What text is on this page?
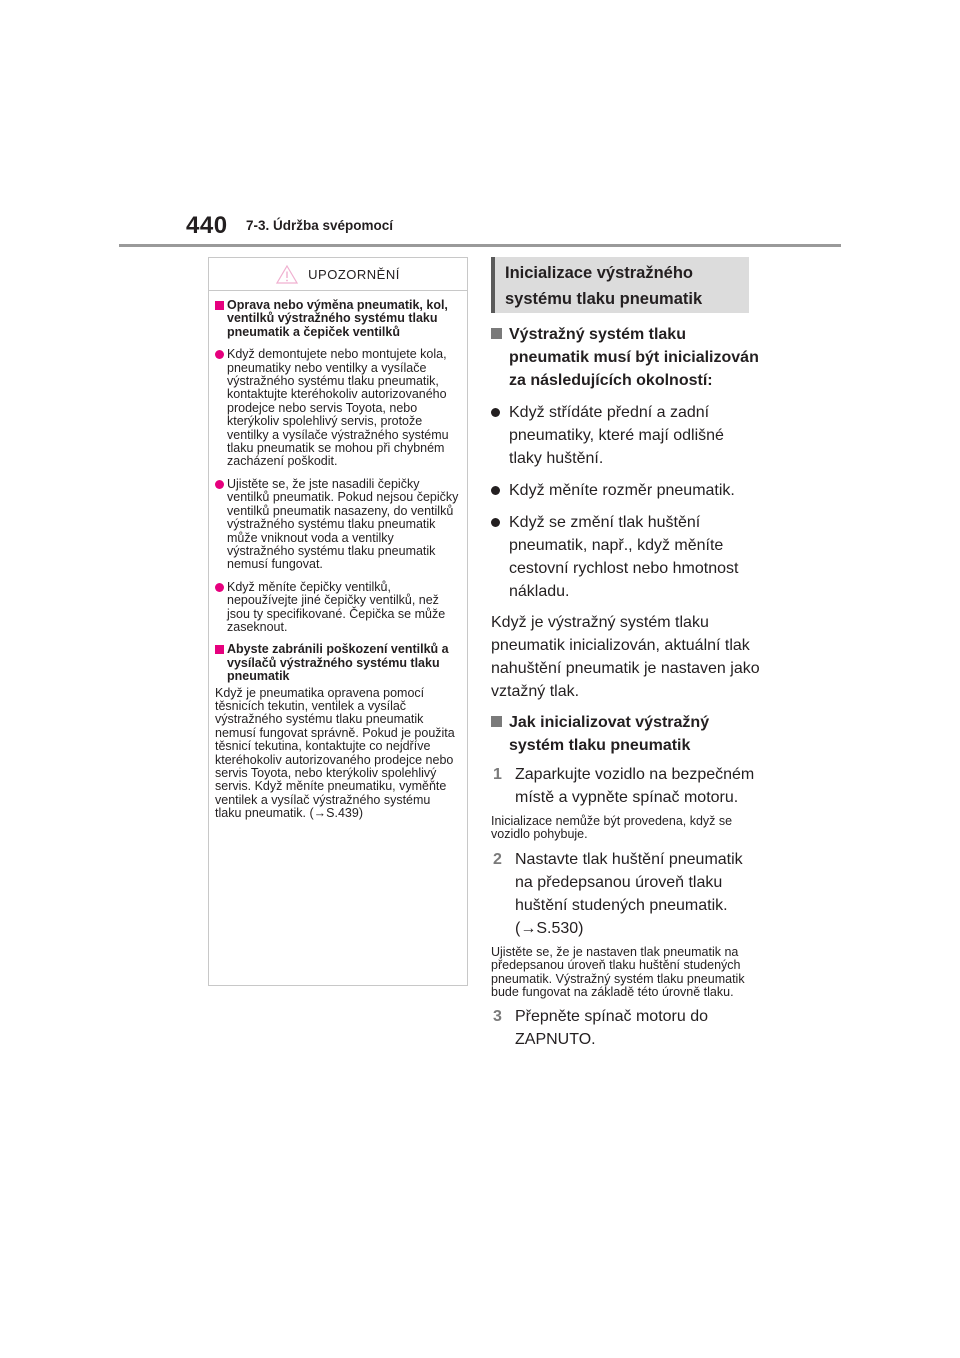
440 7-3. Údržba svépomocí
UPOZORNĚNÍ
Oprava nebo výměna pneumatik, kol, ventilků výstražného systému tlaku pneumatik a čepiček ventilků
Když demontujete nebo montujete kola, pneumatiky nebo ventilky a vysílače výstražného systému tlaku pneumatik, kontaktujte kteréhokoliv autorizovaného prodejce nebo servis Toyota, nebo kterýkoliv spolehlivý servis, protože ventilky a vysílače výstražného systému tlaku pneumatik se mohou při chybném zacházení poškodit.
Ujistěte se, že jste nasadili čepičky ventilků pneumatik. Pokud nejsou čepičky ventilků pneumatik nasazeny, do ventilků výstražného systému tlaku pneumatik může vniknout voda a ventilky výstražného systému tlaku pneumatik nemusí fungovat.
Když měníte čepičky ventilků, nepoužívejte jiné čepičky ventilků, než jsou ty specifikované. Čepička se může zaseknout.
Abyste zabránili poškození ventilků a vysílačů výstražného systému tlaku pneumatik
Když je pneumatika opravena pomocí těsnicích tekutin, ventilek a vysílač výstražného systému tlaku pneumatik nemusí fungovat správně. Pokud je použita těsnicí tekutina, kontaktujte co nejdříve kteréhokoliv autorizovaného prodejce nebo servis Toyota, nebo kterýkoliv spolehlivý servis. Když měníte pneumatiku, vyměňte ventilek a vysílač výstražného systému tlaku pneumatik. (→S.439)
Inicializace výstražného systému tlaku pneumatik
Výstražný systém tlaku pneumatik musí být inicializován za následujících okolností:
Když střídáte přední a zadní pneumatiky, které mají odlišné tlaky huštění.
Když měníte rozměr pneumatik.
Když se změní tlak huštění pneumatik, např., když měníte cestovní rychlost nebo hmotnost nákladu.
Když je výstražný systém tlaku pneumatik inicializován, aktuální tlak nahuštění pneumatik je nastaven jako vztažný tlak.
Jak inicializovat výstražný systém tlaku pneumatik
1 Zaparkujte vozidlo na bezpečném místě a vypněte spínač motoru.
Inicializace nemůže být provedena, když se vozidlo pohybuje.
2 Nastavte tlak huštění pneumatik na předepsanou úroveň tlaku huštění studených pneumatik. (→S.530)
Ujistěte se, že je nastaven tlak pneumatik na předepsanou úroveň tlaku huštění studených pneumatik. Výstražný systém tlaku pneumatik bude fungovat na základě této úrovně tlaku.
3 Přepněte spínač motoru do ZAPNUTO.
